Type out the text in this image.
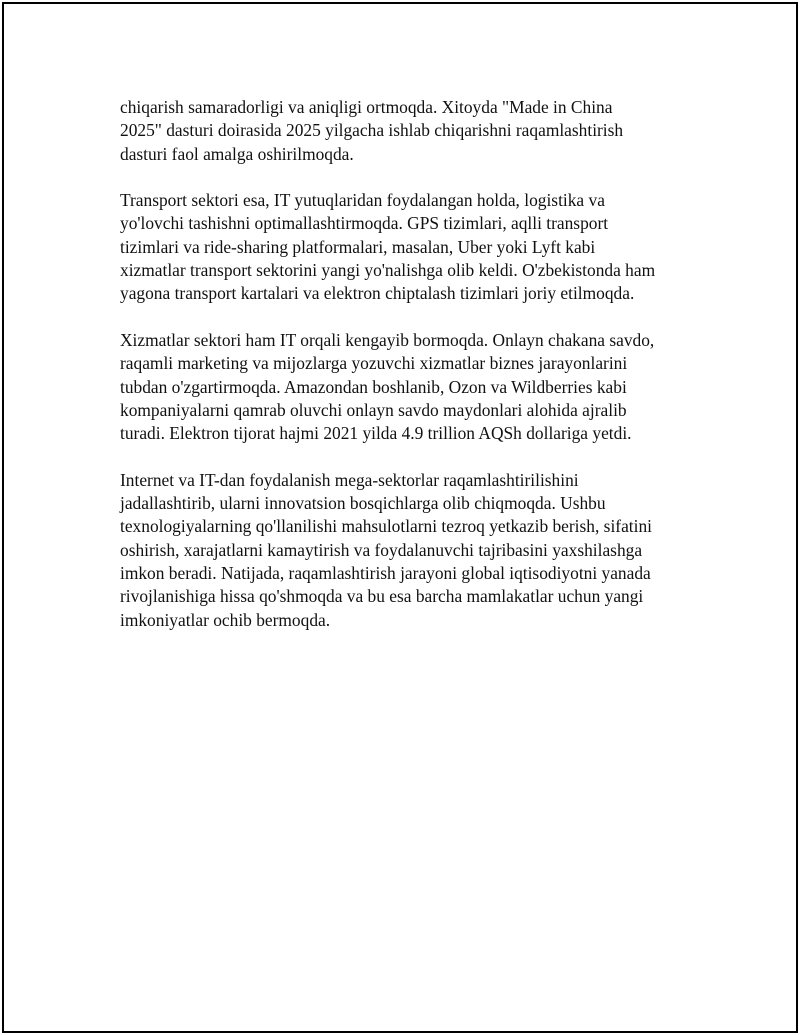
chiqarish samaradorligi va aniqligi ortmoqda. Xitoyda "Made in China
2025" dasturi doirasida 2025 yilgacha ishlab chiqarishni raqamlashtirish
dasturi faol amalga oshirilmoqda.

Transport sektori esa, IT yutuqlaridan foydalangan holda, logistika va
yo'lovchi tashishni optimallashtirmoqda. GPS tizimlari, aqlli transport
tizimlari va ride-sharing platformalari, masalan, Uber yoki Lyft kabi
xizmatlar transport sektorini yangi yo'nalishga olib keldi. O'zbekistonda ham
yagona transport kartalari va elektron chiptalash tizimlari joriy etilmoqda.

Xizmatlar sektori ham IT orqali kengayib bormoqda. Onlayn chakana savdo,
raqamli marketing va mijozlarga yozuvchi xizmatlar biznes jarayonlarini
tubdan o'zgartirmoqda. Amazondan boshlanib, Ozon va Wildberries kabi
kompaniyalarni qamrab oluvchi onlayn savdo maydonlari alohida ajralib
turadi. Elektron tijorat hajmi 2021 yilda 4.9 trillion AQSh dollariga yetdi.

Internet va IT-dan foydalanish mega-sektorlar raqamlashtirilishini
jadallashtirib, ularni innovatsion bosqichlarga olib chiqmoqda. Ushbu
texnologiyalarning qo'llanilishi mahsulotlarni tezroq yetkazib berish, sifatini
oshirish, xarajatlarni kamaytirish va foydalanuvchi tajribasini yaxshilashga
imkon beradi. Natijada, raqamlashtirish jarayoni global iqtisodiyotni yanada
rivojlanishiga hissa qo'shmoqda va bu esa barcha mamlakatlar uchun yangi
imkoniyatlar ochib bermoqda.
